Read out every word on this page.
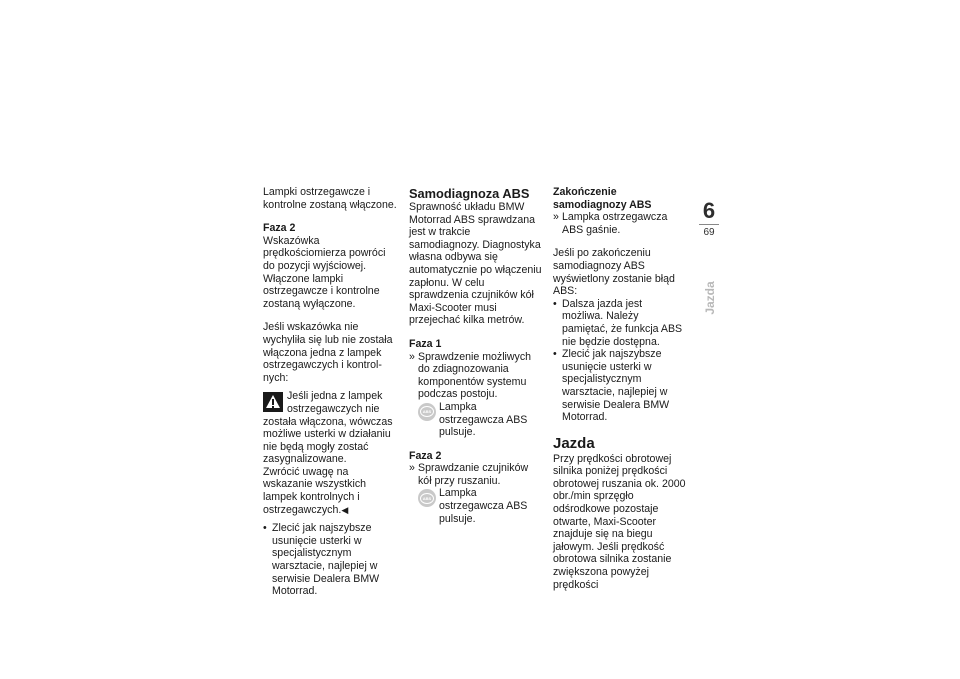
Lampki ostrzegawcze i kontrolne zostaną włączone.

Faza 2

Wskazówka prędkościomierza powróci do pozycji wyjściowej. Włączone lampki ostrzegawcze i kontrolne zostaną wyłączone.

Jeśli wskazówka nie wychyliła się lub nie została włączona jedna z lampek ostrzegawczych i kontrolnych:

Jeśli jedna z lampek ostrzegawczych nie została włączona, wówczas możliwe usterki w działaniu nie będą mogły zostać zasygnalizowane.

Zwrócić uwagę na wskazanie wszystkich lampek kontrolnych i ostrzegawczych.◀

• Zlecić jak najszybsze usunięcie usterki w specjalistycznym warsztacie, najlepiej w serwisie Dealera BMW Motorrad.

Samodiagnoza ABS

Sprawność układu BMW Motorrad ABS sprawdzana jest w trakcie samodiagnozy. Diagnostyka własna odbywa się automatycznie po włączeniu zapłonu. W celu sprawdzenia czujników kół Maxi-Scooter musi przejechać kilka metrów.

Faza 1

» Sprawdzenie możliwych do zdiagnozowania komponentów systemu podczas postoju.

ABS Lampka ostrzegawcza ABS pulsuje.

Faza 2

» Sprawdzanie czujników kół przy ruszaniu.

ABS Lampka ostrzegawcza ABS pulsuje.

Zakończenie samodiagnozy ABS

» Lampka ostrzegawcza ABS gaśnie.

Jeśli po zakończeniu samodiagnozy ABS wyświetlony zostanie błąd ABS:

• Dalsza jazda jest możliwa. Należy pamiętać, że funkcja ABS nie będzie dostępna.

• Zlecić jak najszybsze usunięcie usterki w specjalistycznym warsztacie, najlepiej w serwisie Dealera BMW Motorrad.

Jazda

Przy prędkości obrotowej silnika poniżej prędkości obrotowej ruszania ok. 2000 obr./min sprzęgło odśrodkowe pozostaje otwarte, Maxi-Scooter znajduje się na biegu jałowym. Jeśli prędkość obrotowa silnika zostanie zwiększona powyżej prędkości

6
69
Jazda
